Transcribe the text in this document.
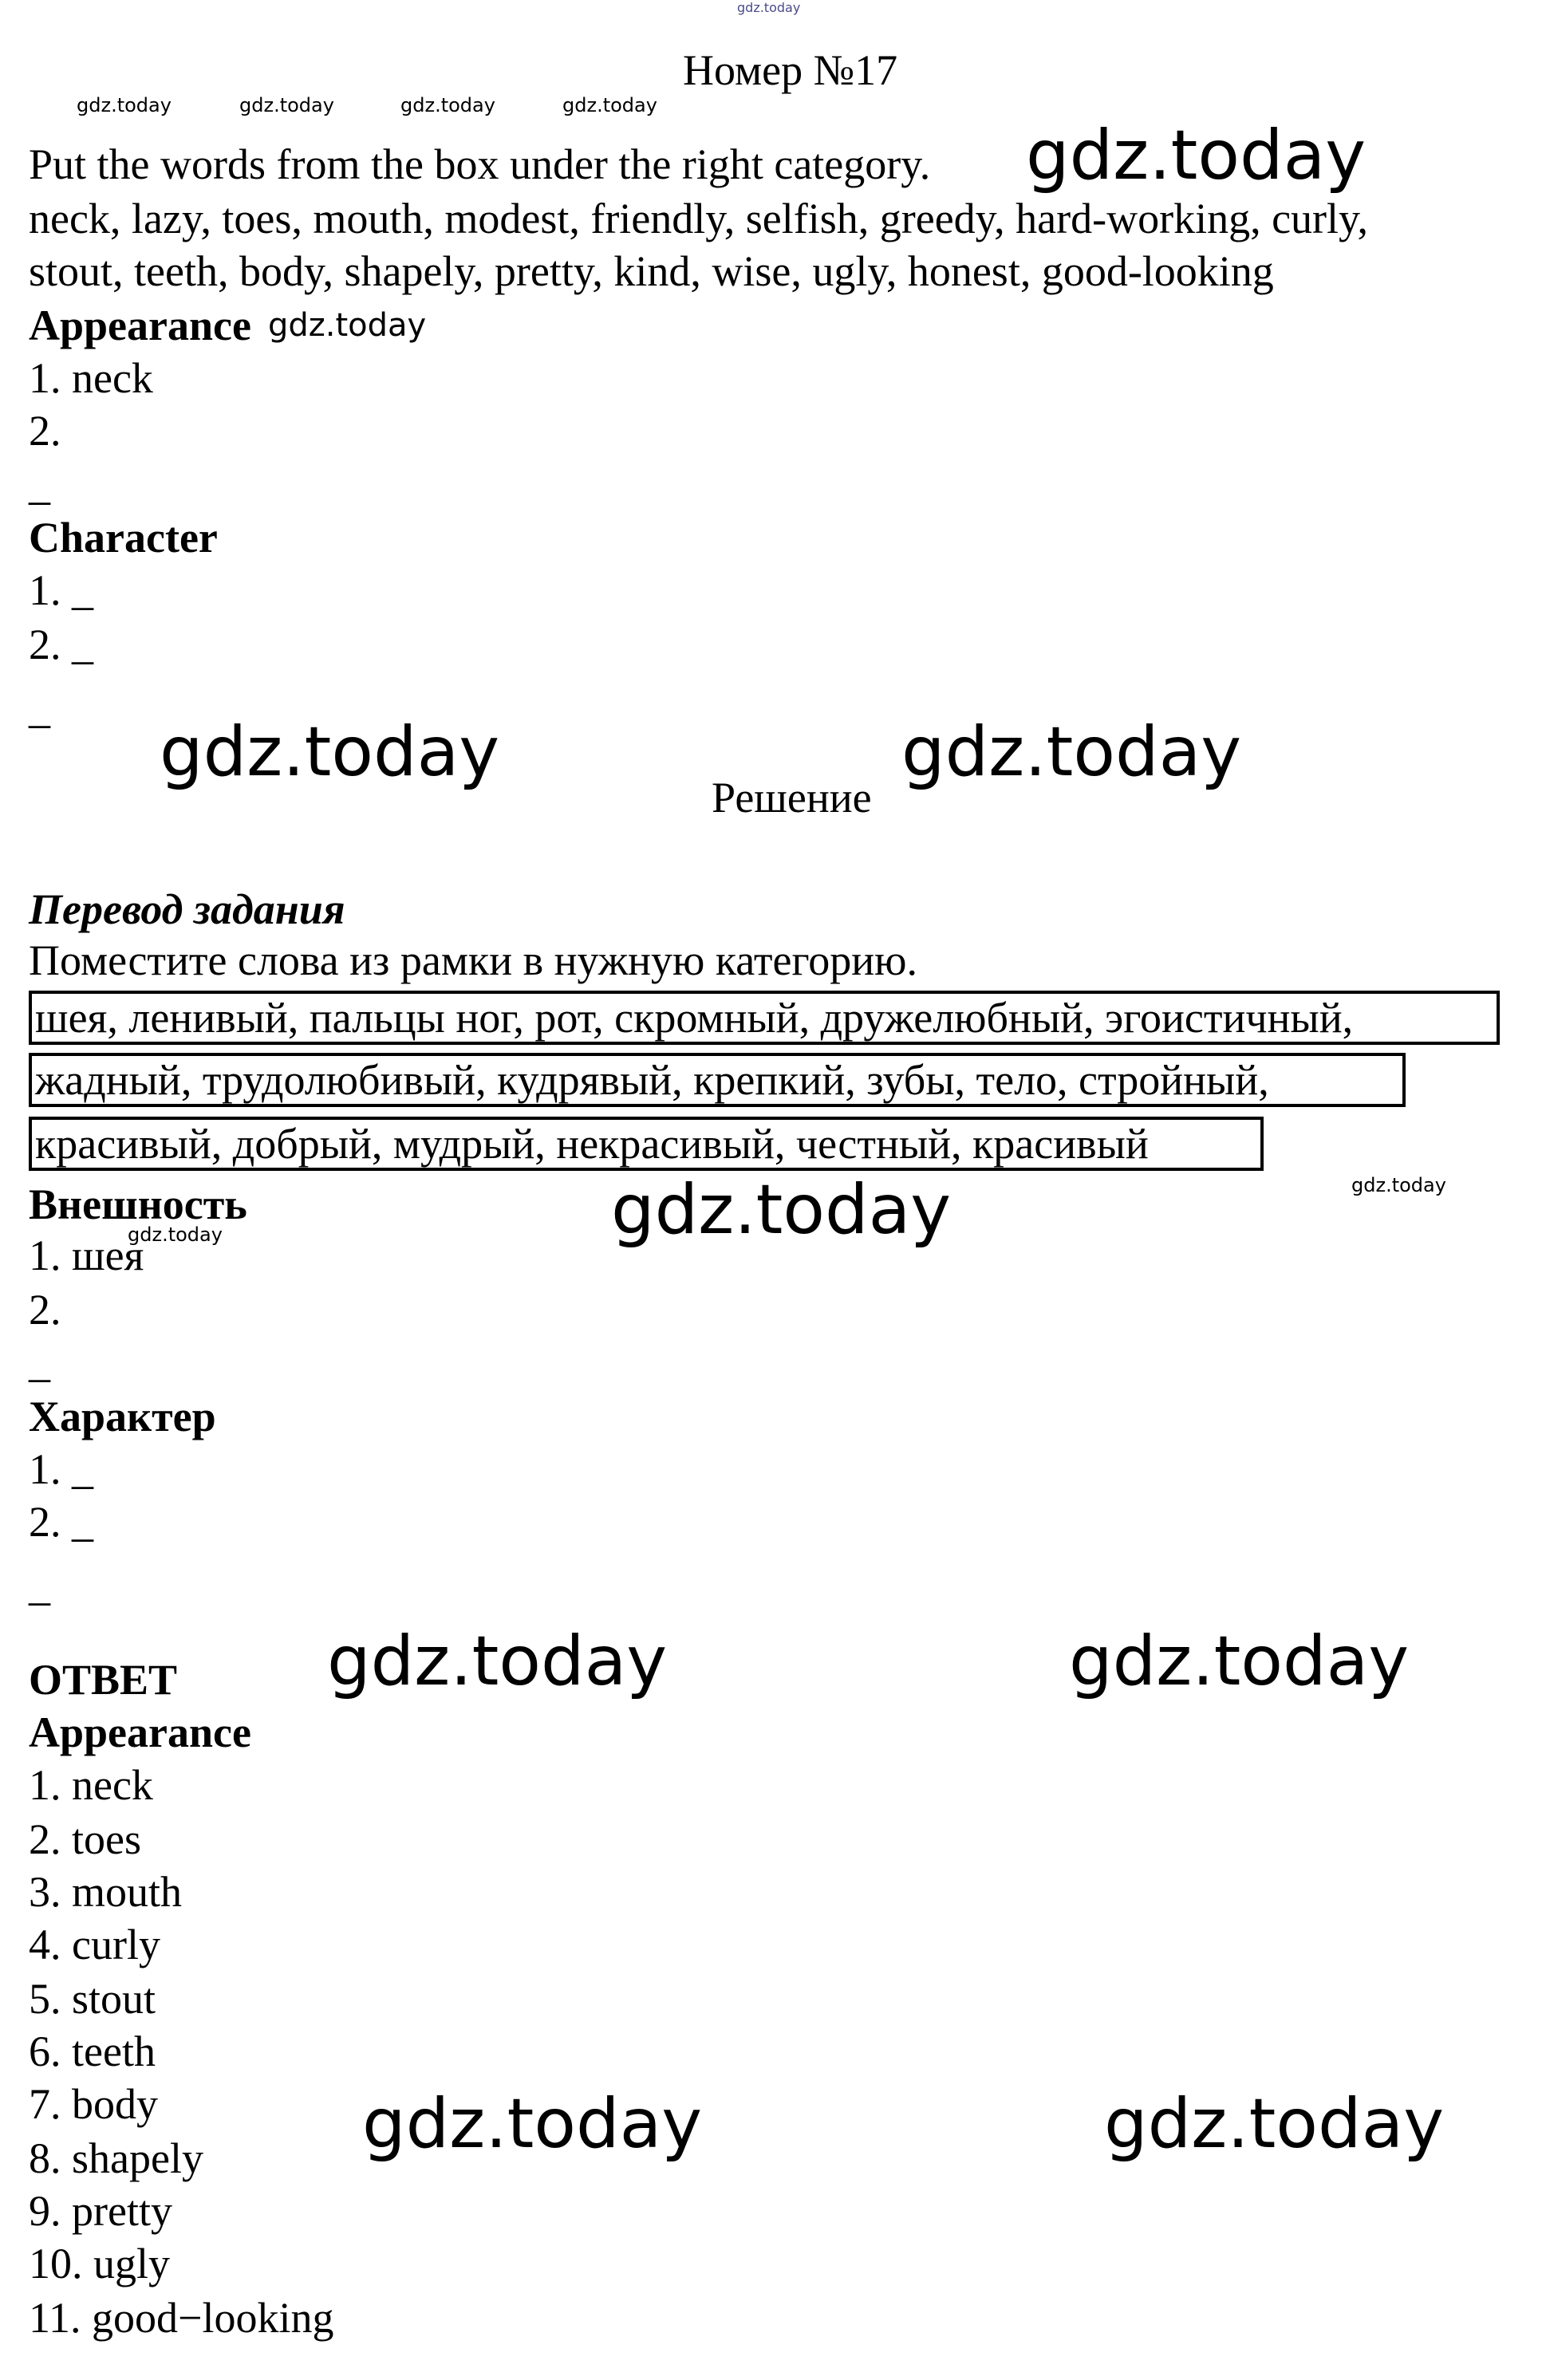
gdz.today
gdz.today	gdz.today	gdz.today	gdz.today
gdz.today
gdz.today
gdz.today	gdz.today
gdz.today
gdz.today
gdz.today
gdz.today	gdz.today
gdz.today	gdz.today
Номер №17
Put the words from the box under the right category.
neck, lazy, toes, mouth, modest, friendly, selfish, greedy, hard-working, curly,
stout, teeth, body, shapely, pretty, kind, wise, ugly, honest, good-looking
Appearance
1. neck
2.
_
Character
1. _
2. _
_
Решение
Перевод задания
Поместите слова из рамки в нужную категорию.
шея, ленивый, пальцы ног, рот, скромный, дружелюбный, эгоистичный,
жадный, трудолюбивый, кудрявый, крепкий, зубы, тело, стройный,
красивый, добрый, мудрый, некрасивый, честный, красивый
Внешность
1. шея
2.
_
Характер
1. _
2. _
_
ОТВЕТ
Appearance
1. neck
2. toes
3. mouth
4. curly
5. stout
6. teeth
7. body
8. shapely
9. pretty
10. ugly
11. good−looking
